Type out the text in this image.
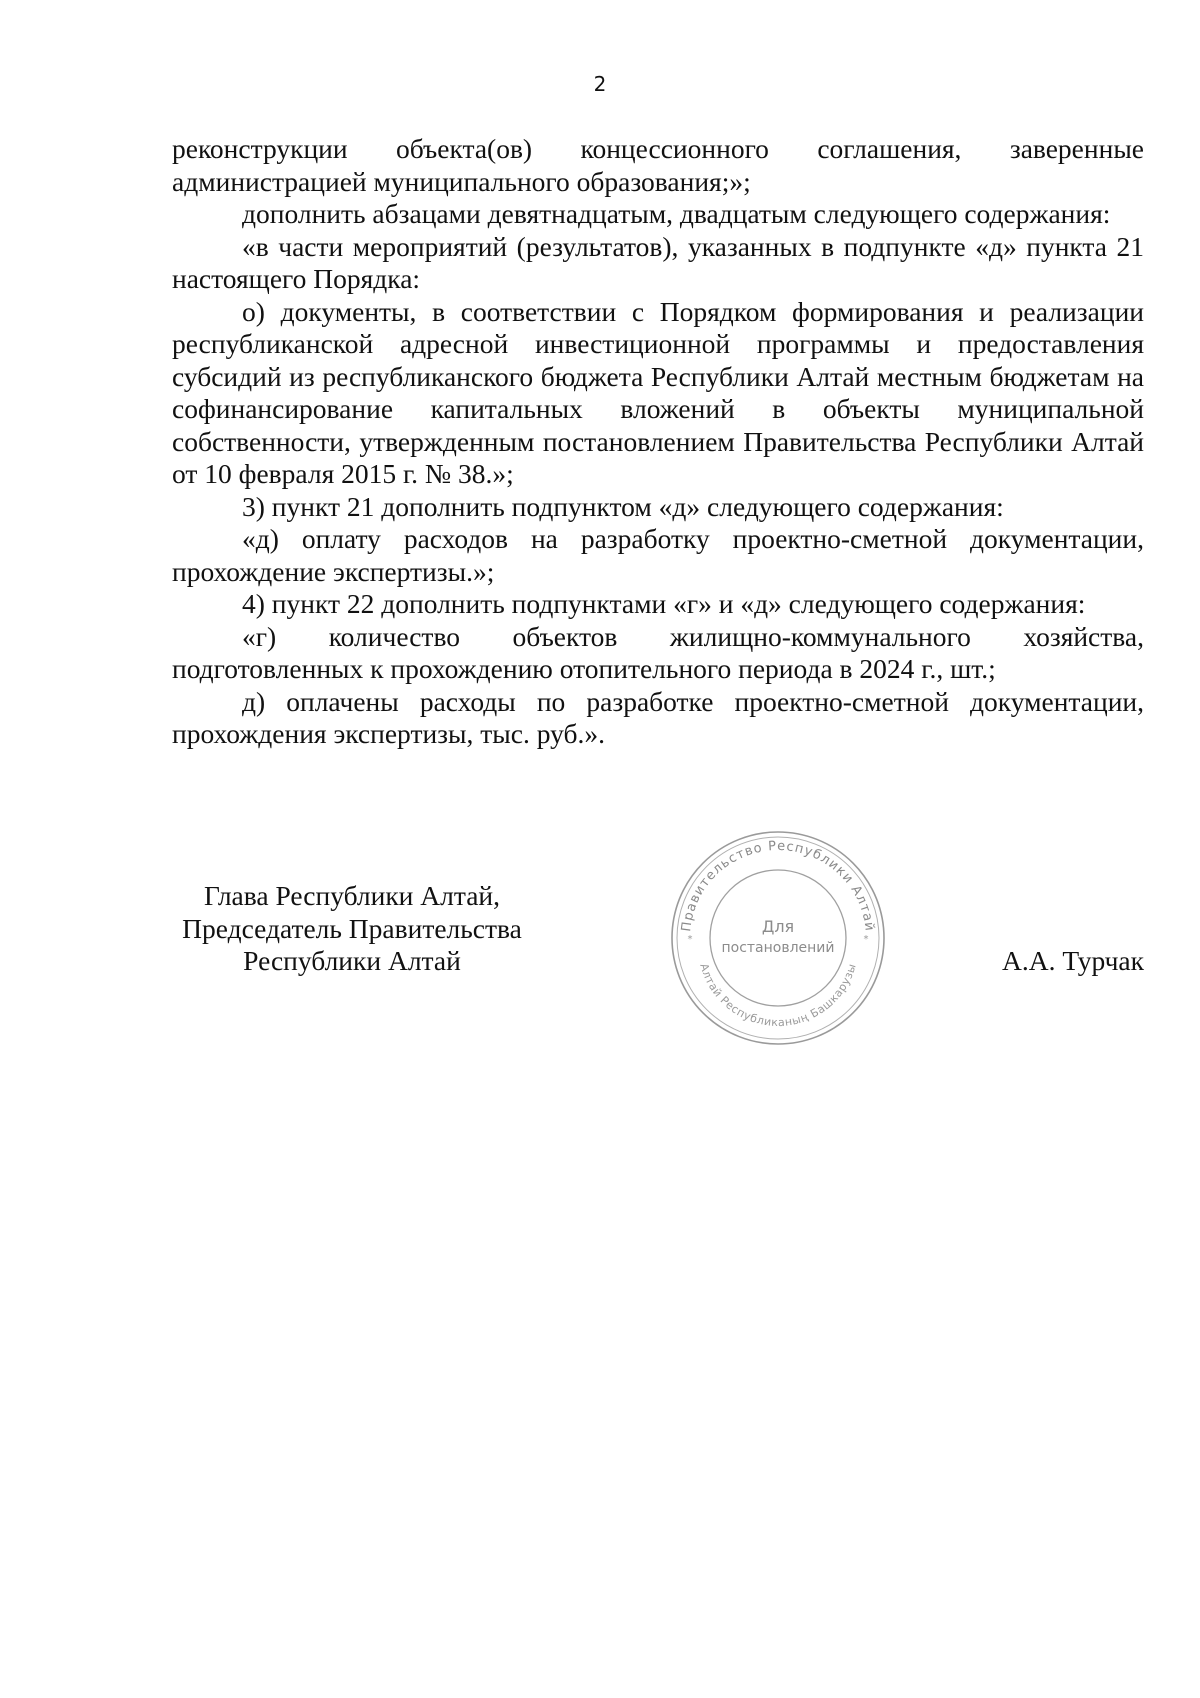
2

реконструкции объекта(ов) концессионного соглашения, заверенные администрацией муниципального образования;»;

дополнить абзацами девятнадцатым, двадцатым следующего содержания:

«в части мероприятий (результатов), указанных в подпункте «д» пункта 21 настоящего Порядка:

о) документы, в соответствии с Порядком формирования и реализации республиканской адресной инвестиционной программы и предоставления субсидий из республиканского бюджета Республики Алтай местным бюджетам на софинансирование капитальных вложений в объекты муниципальной собственности, утвержденным постановлением Правительства Республики Алтай от 10 февраля 2015 г. № 38.»;

3) пункт 21 дополнить подпунктом «д» следующего содержания:

«д) оплату расходов на разработку проектно-сметной документации, прохождение экспертизы.»;

4) пункт 22 дополнить подпунктами «г» и «д» следующего содержания:

«г) количество объектов жилищно-коммунального хозяйства, подготовленных к прохождению отопительного периода в 2024 г., шт.;

д) оплачены расходы по разработке проектно-сметной документации, прохождения экспертизы, тыс. руб.».

Глава Республики Алтай,
Председатель Правительства
Республики Алтай
Правительство Республики Алтай
Алтай Республиканың Башкарузы
*	*
Для
постановлений	А.А. Турчак
